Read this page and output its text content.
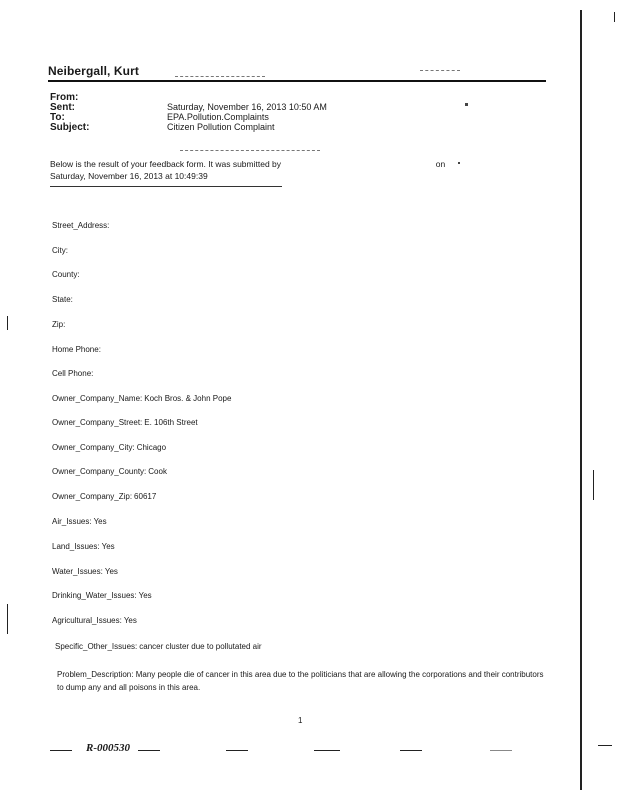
Neibergall, Kurt
From:
Sent:	Saturday, November 16, 2013 10:50 AM
To:	EPA.Pollution.Complaints
Subject:	Citizen Pollution Complaint
Below is the result of your feedback form. It was submitted by	on
Saturday, November 16, 2013 at 10:49:39
Street_Address:
City:
County:
State:
Zip:
Home Phone:
Cell Phone:
Owner_Company_Name: Koch Bros. & John Pope
Owner_Company_Street: E. 106th Street
Owner_Company_City: Chicago
Owner_Company_County: Cook
Owner_Company_Zip: 60617
Air_Issues: Yes
Land_Issues: Yes
Water_Issues: Yes
Drinking_Water_Issues: Yes
Agricultural_Issues: Yes
Specific_Other_Issues: cancer cluster due to pollutated air
Problem_Description: Many people die of cancer in this area due to the politicians that are allowing the corporations and their contributors to dump any and all poisons in this area.
1
R-000530
